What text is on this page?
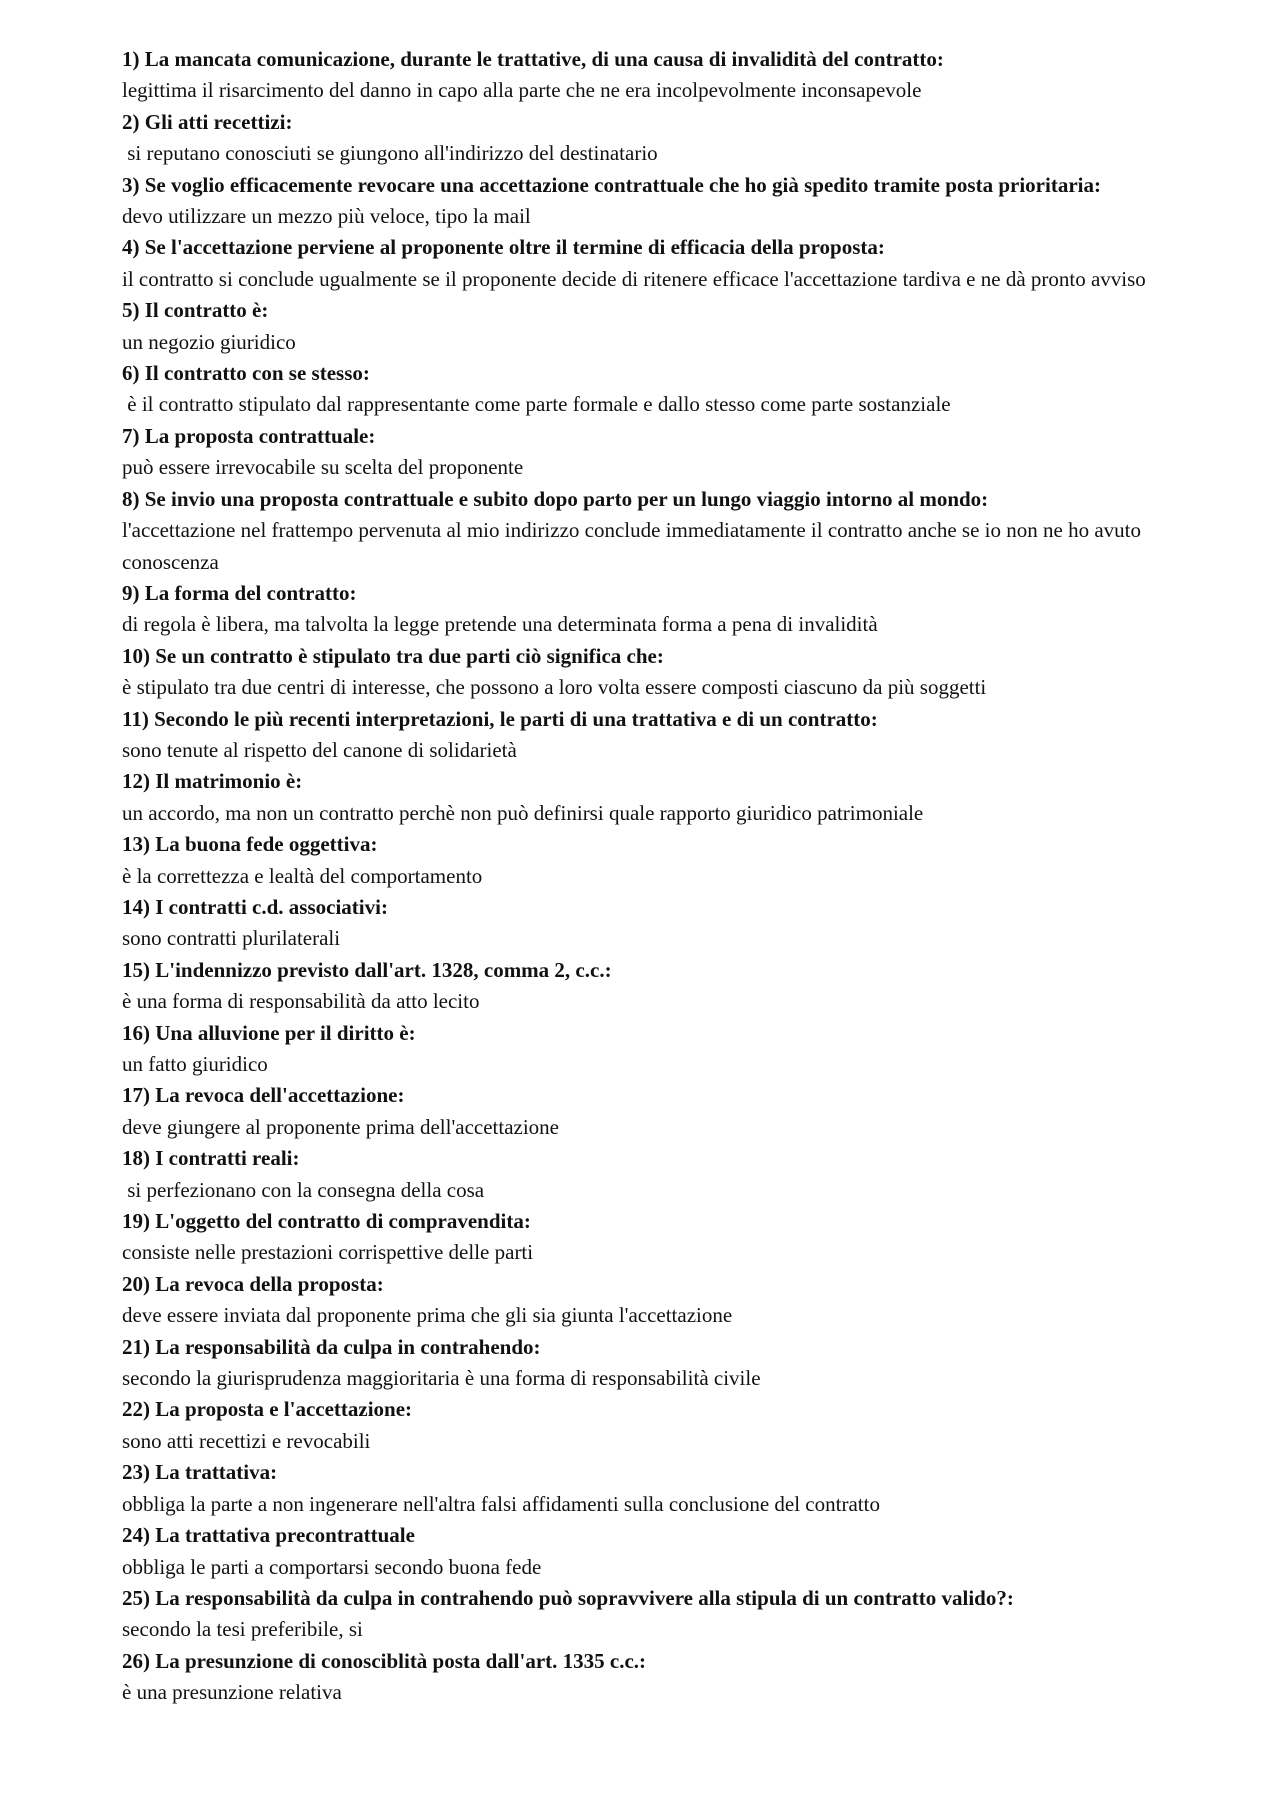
1) La mancata comunicazione, durante le trattative, di una causa di invalidità del contratto:
legittima il risarcimento del danno in capo alla parte che ne era incolpevolmente inconsapevole
2) Gli atti recettizi:
si reputano conosciuti se giungono all'indirizzo del destinatario
3) Se voglio efficacemente revocare una accettazione contrattuale che ho già spedito tramite posta prioritaria:
devo utilizzare un mezzo più veloce, tipo la mail
4) Se l'accettazione perviene al proponente oltre il termine di efficacia della proposta:
il contratto si conclude ugualmente se il proponente decide di ritenere efficace l'accettazione tardiva e ne dà pronto avviso
5) Il contratto è:
un negozio giuridico
6) Il contratto con se stesso:
è il contratto stipulato dal rappresentante come parte formale e dallo stesso come parte sostanziale
7) La proposta contrattuale:
può essere irrevocabile su scelta del proponente
8) Se invio una proposta contrattuale e subito dopo parto per un lungo viaggio intorno al mondo:
l'accettazione nel frattempo pervenuta al mio indirizzo conclude immediatamente il contratto anche se io non ne ho avuto conoscenza
9) La forma del contratto:
di regola è libera, ma talvolta la legge pretende una determinata forma a pena di invalidità
10) Se un contratto è stipulato tra due parti ciò significa che:
è stipulato tra due centri di interesse, che possono a loro volta essere composti ciascuno da più soggetti
11) Secondo le più recenti interpretazioni, le parti di una trattativa e di un contratto:
sono tenute al rispetto del canone di solidarietà
12) Il matrimonio è:
un accordo, ma non un contratto perchè non può definirsi quale rapporto giuridico patrimoniale
13) La buona fede oggettiva:
è la correttezza e lealtà del comportamento
14) I contratti c.d. associativi:
sono contratti plurilaterali
15) L'indennizzo previsto dall'art. 1328, comma 2, c.c.:
è una forma di responsabilità da atto lecito
16) Una alluvione per il diritto è:
un fatto giuridico
17) La revoca dell'accettazione:
deve giungere al proponente prima dell'accettazione
18) I contratti reali:
si perfezionano con la consegna della cosa
19) L'oggetto del contratto di compravendita:
consiste nelle prestazioni corrispettive delle parti
20) La revoca della proposta:
deve essere inviata dal proponente prima che gli sia giunta l'accettazione
21) La responsabilità da culpa in contrahendo:
secondo la giurisprudenza maggioritaria è una forma di responsabilità civile
22) La proposta e l'accettazione:
sono atti recettizi e revocabili
23) La trattativa:
obbliga la parte a non ingenerare nell'altra falsi affidamenti sulla conclusione del contratto
24) La trattativa precontrattuale
obbliga le parti a comportarsi secondo buona fede
25) La responsabilità da culpa in contrahendo può sopravvivere alla stipula di un contratto valido?:
secondo la tesi preferibile, si
26) La presunzione di conosciblità posta dall'art. 1335 c.c.:
è una presunzione relativa
